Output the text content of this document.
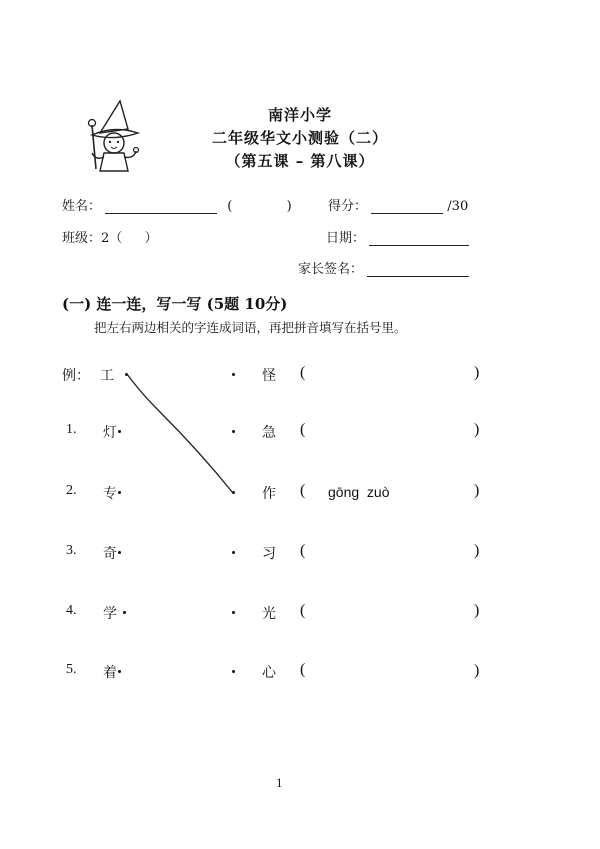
南洋小学
二年级华文小测验（二）
（第五课 – 第八课）
姓名：	(	)	得分：	/30
班级：2（ ）	日期：
家长签名：
(一) 连一连，写一写 (5题 10分)
把左右两边相关的字连成词语，再把拼音填写在括号里。
例： 工	怪 (	)
1. 灯	急 (	)
2. 专	作 ( gōng  zuò	)
3. 奇	习 (	)
4. 学	光 (	)
5. 着	心 (	)
1
